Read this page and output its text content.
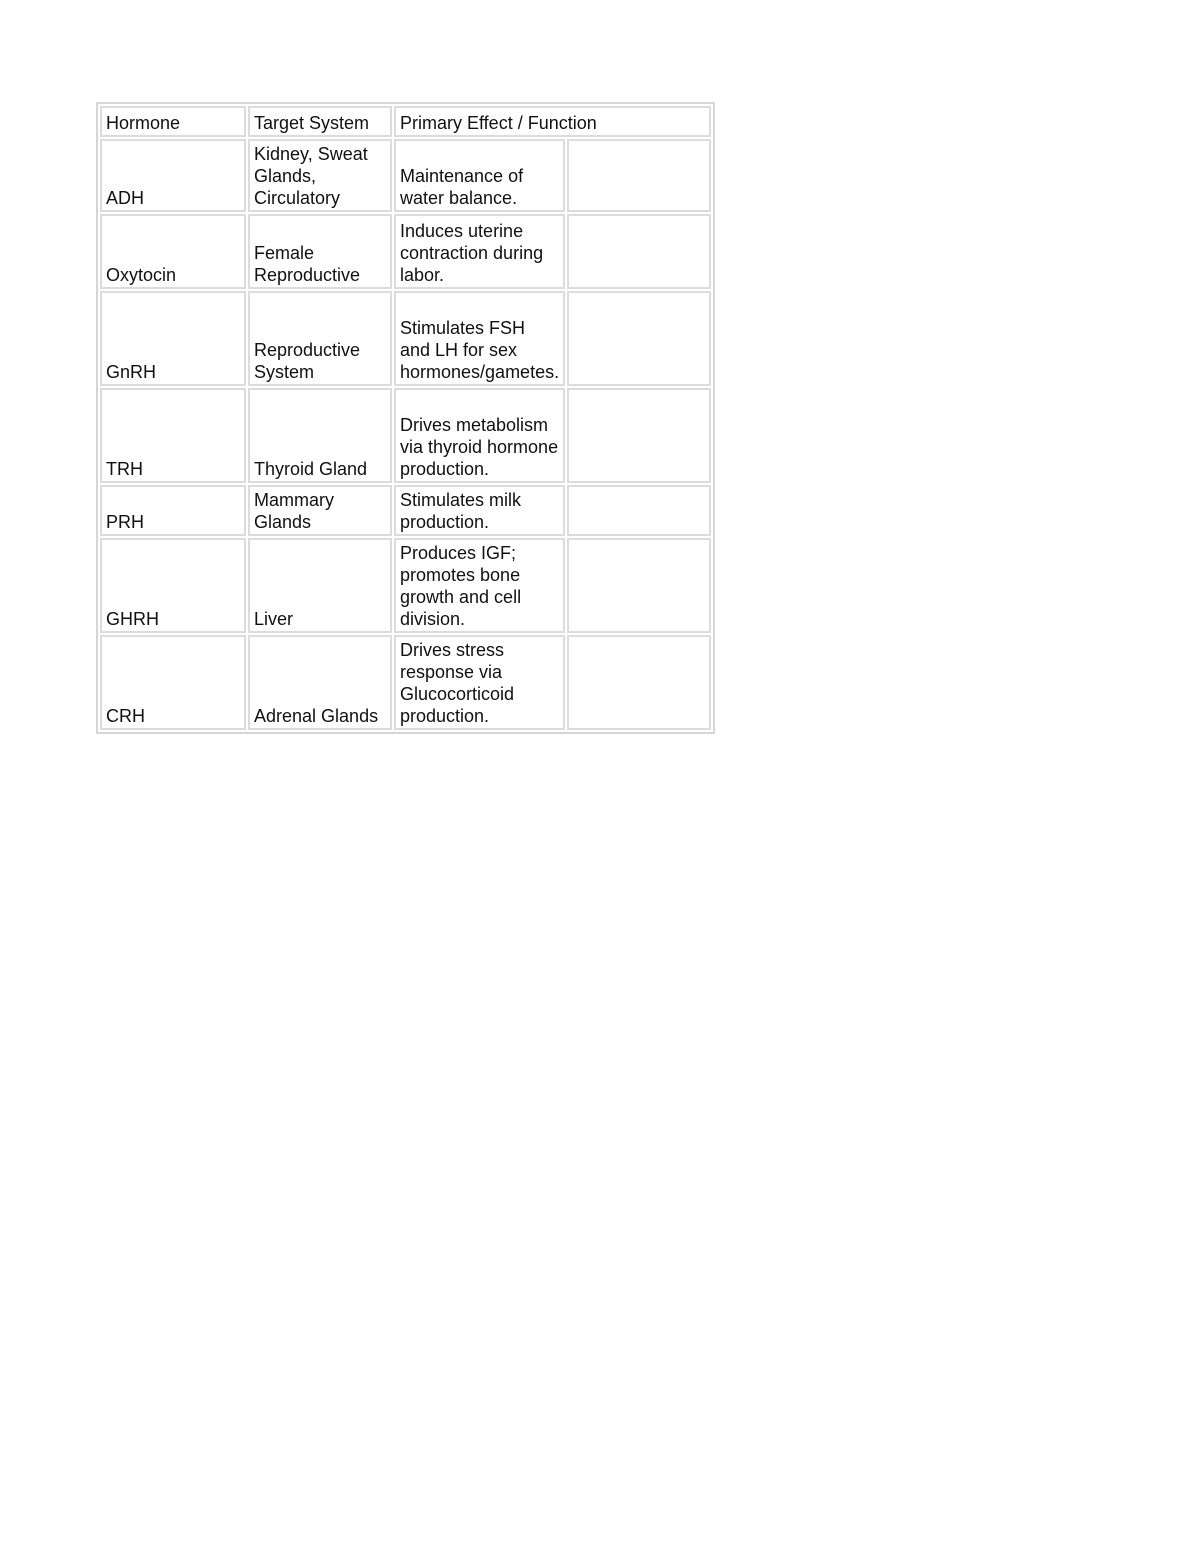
Hormone	Target System	Primary Effect / Function	
ADH	Kidney, Sweat Glands, Circulatory	Maintenance of water balance.	
Oxytocin	Female Reproductive	Induces uterine contraction during labor.	
GnRH	Reproductive System	Stimulates FSH and LH for sex hormones/gametes.	
TRH	Thyroid Gland	Drives metabolism via thyroid hormone production.	
PRH	Mammary Glands	Stimulates milk production.	
GHRH	Liver	Produces IGF; promotes bone growth and cell division.	
CRH	Adrenal Glands	Drives stress response via Glucocorticoid production.	
